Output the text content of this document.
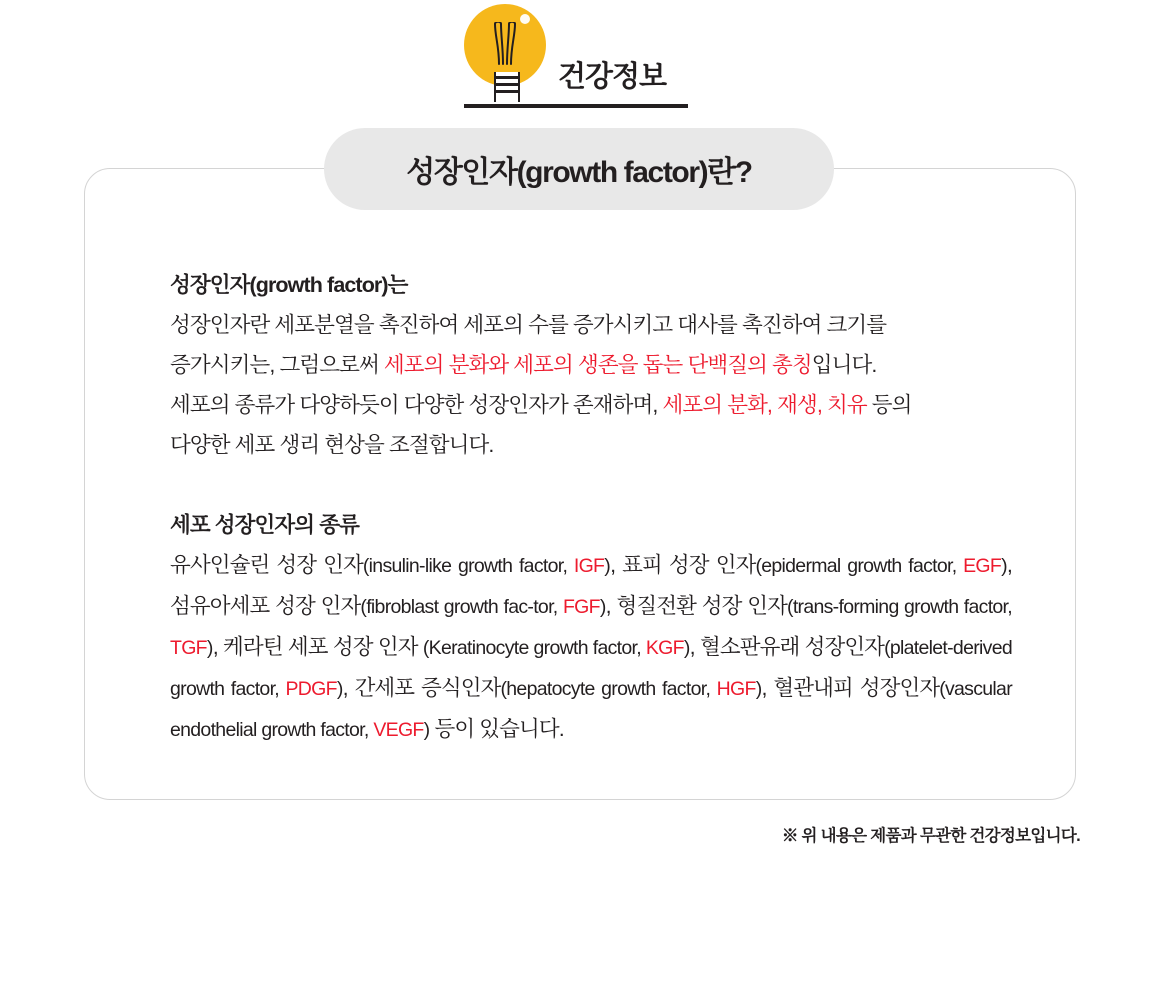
건강정보
성장인자(growth factor)란?
성장인자(growth factor)는
성장인자란 세포분열을 촉진하여 세포의 수를 증가시키고 대사를 촉진하여 크기를
증가시키는, 그럼으로써 세포의 분화와 세포의 생존을 돕는 단백질의 총칭입니다.
세포의 종류가 다양하듯이 다양한 성장인자가 존재하며, 세포의 분화, 재생, 치유 등의
다양한 세포 생리 현상을 조절합니다.
세포 성장인자의 종류
유사인슐린 성장 인자(insulin-like growth factor, IGF), 표피 성장 인자(epidermal growth factor, EGF), 섬유아세포 성장 인자(fibroblast growth fac-tor, FGF), 형질전환 성장 인자(trans-forming growth factor, TGF), 케라틴 세포 성장 인자 (Keratinocyte growth factor, KGF), 혈소판유래 성장인자(platelet-derived growth factor, PDGF), 간세포 증식인자(hepatocyte growth factor, HGF), 혈관내피 성장인자(vascular endothelial growth factor, VEGF) 등이 있습니다.
※ 위 내용은 제품과 무관한 건강정보입니다.
